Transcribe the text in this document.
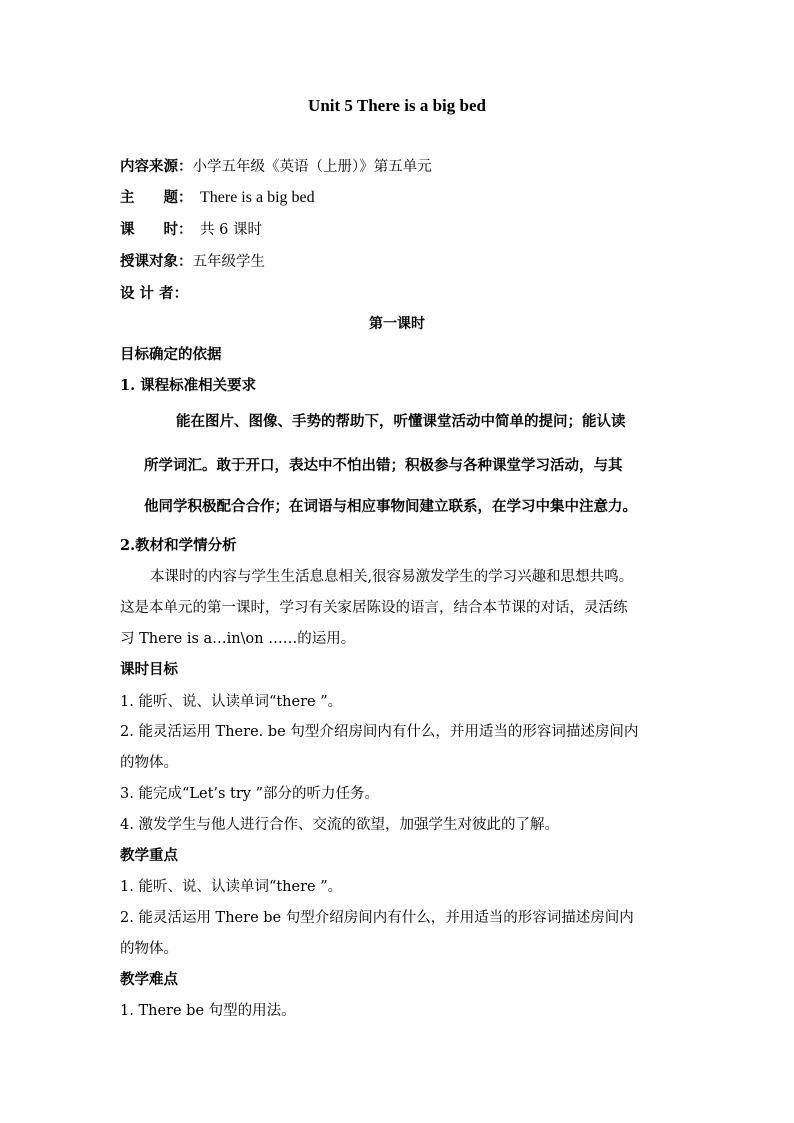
Unit 5 There is a big bed
内容来源：小学五年级《英语（上册）》第五单元
主　　题： There is a big bed
课　　时： 共 6 课时
授课对象：五年级学生
设 计 者：
第一课时
目标确定的依据
1. 课程标准相关要求
能在图片、图像、手势的帮助下，听懂课堂活动中简单的提问；能认读
所学词汇。敢于开口，表达中不怕出错；积极参与各种课堂学习活动，与其
他同学积极配合合作；在词语与相应事物间建立联系，在学习中集中注意力。
2.教材和学情分析
本课时的内容与学生生活息息相关,很容易激发学生的学习兴趣和思想共鸣。
这是本单元的第一课时，学习有关家居陈设的语言，结合本节课的对话，灵活练
习 There is a…in\on ……的运用。
课时目标
1. 能听、说、认读单词“there ”。
2. 能灵活运用 There. be 句型介绍房间内有什么，并用适当的形容词描述房间内
的物体。
3. 能完成“Let’s try ”部分的听力任务。
4. 激发学生与他人进行合作、交流的欲望，加强学生对彼此的了解。
教学重点
1. 能听、说、认读单词“there ”。
2. 能灵活运用 There be 句型介绍房间内有什么，并用适当的形容词描述房间内
的物体。
教学难点
1. There be 句型的用法。
